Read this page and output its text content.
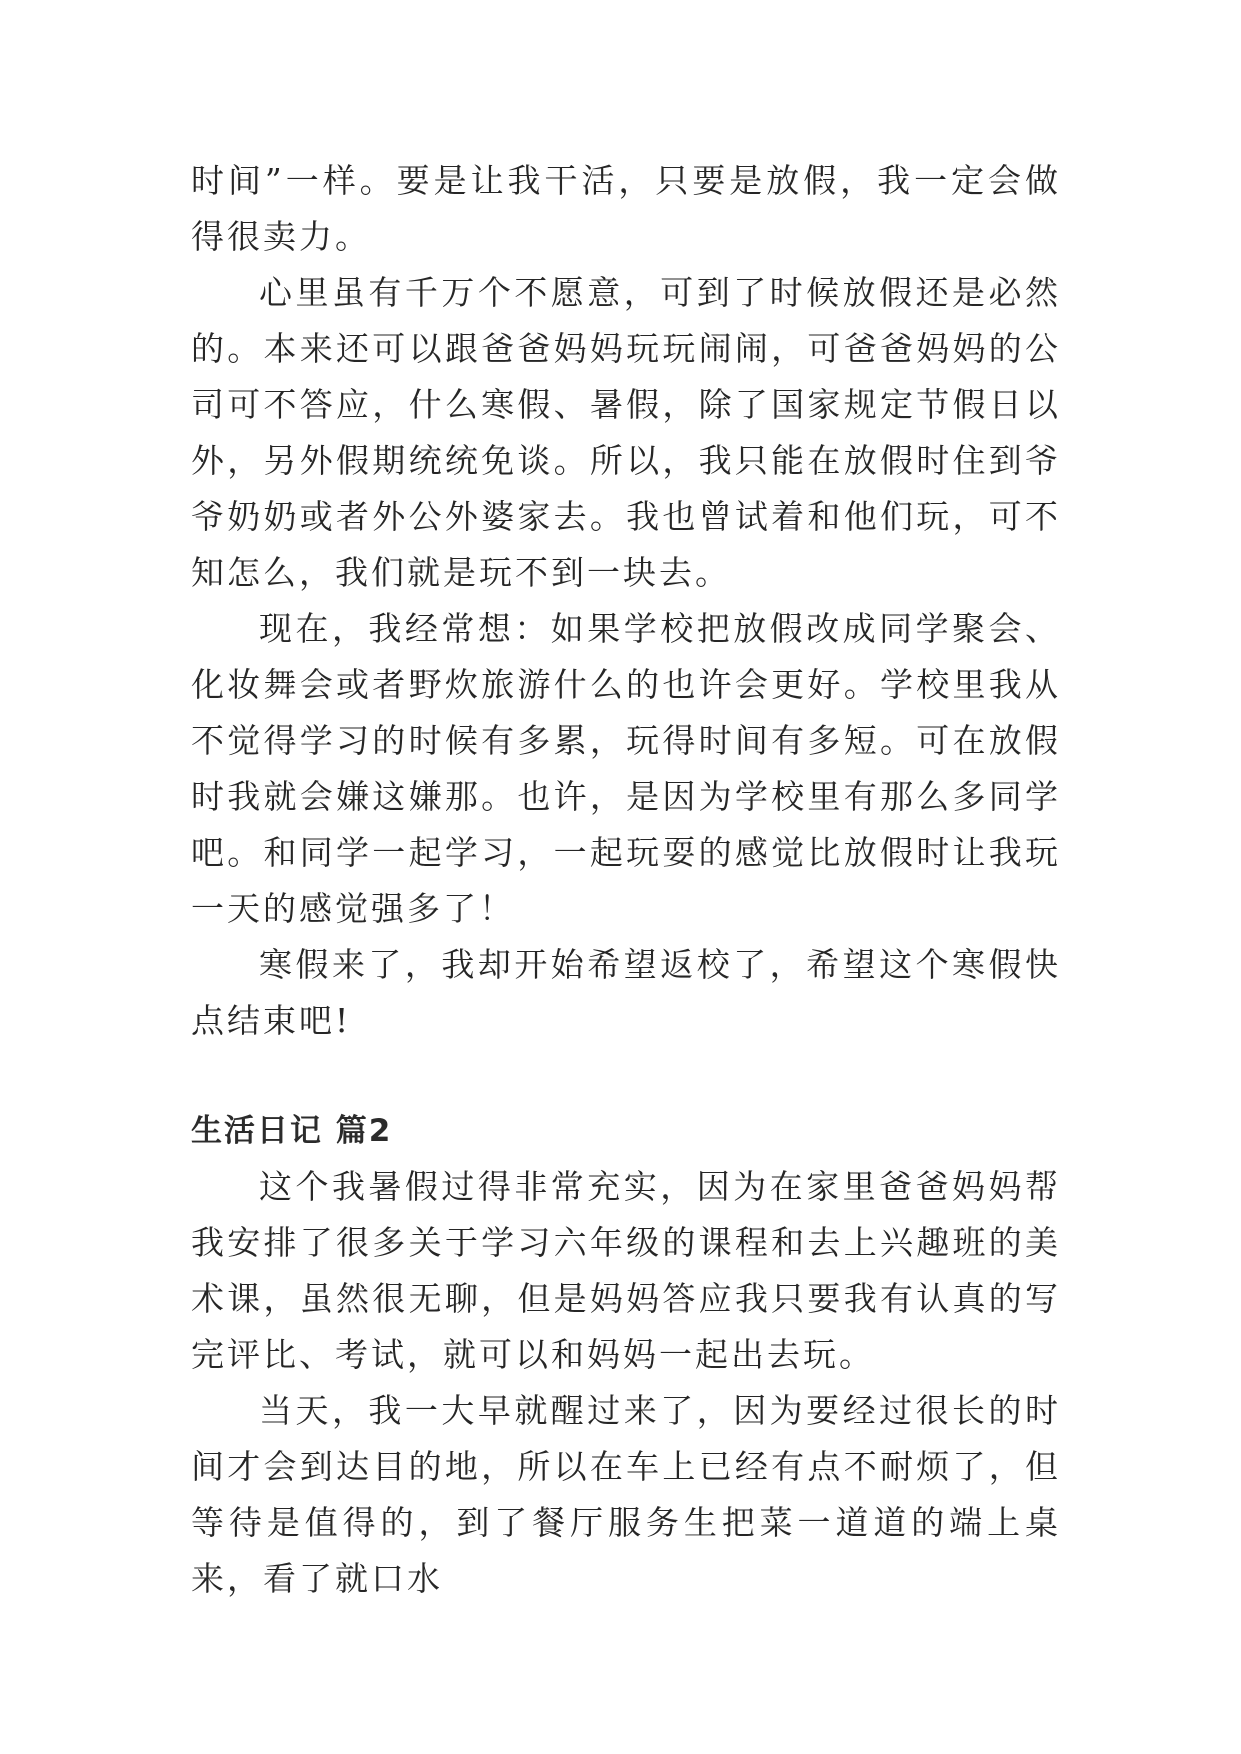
时间”一样。要是让我干活，只要是放假，我一定会做得很卖力。

心里虽有千万个不愿意，可到了时候放假还是必然的。本来还可以跟爸爸妈妈玩玩闹闹，可爸爸妈妈的公司可不答应，什么寒假、暑假，除了国家规定节假日以外，另外假期统统免谈。所以，我只能在放假时住到爷爷奶奶或者外公外婆家去。我也曾试着和他们玩，可不知怎么，我们就是玩不到一块去。

现在，我经常想：如果学校把放假改成同学聚会、化妆舞会或者野炊旅游什么的也许会更好。学校里我从不觉得学习的时候有多累，玩得时间有多短。可在放假时我就会嫌这嫌那。也许，是因为学校里有那么多同学吧。和同学一起学习，一起玩耍的感觉比放假时让我玩一天的感觉强多了！

寒假来了，我却开始希望返校了，希望这个寒假快点结束吧!

生活日记 篇2

这个我暑假过得非常充实，因为在家里爸爸妈妈帮我安排了很多关于学习六年级的课程和去上兴趣班的美术课，虽然很无聊，但是妈妈答应我只要我有认真的写完评比、考试，就可以和妈妈一起出去玩。

当天，我一大早就醒过来了，因为要经过很长的时间才会到达目的地，所以在车上已经有点不耐烦了，但等待是值得的，到了餐厅服务生把菜一道道的端上桌来，看了就口水
